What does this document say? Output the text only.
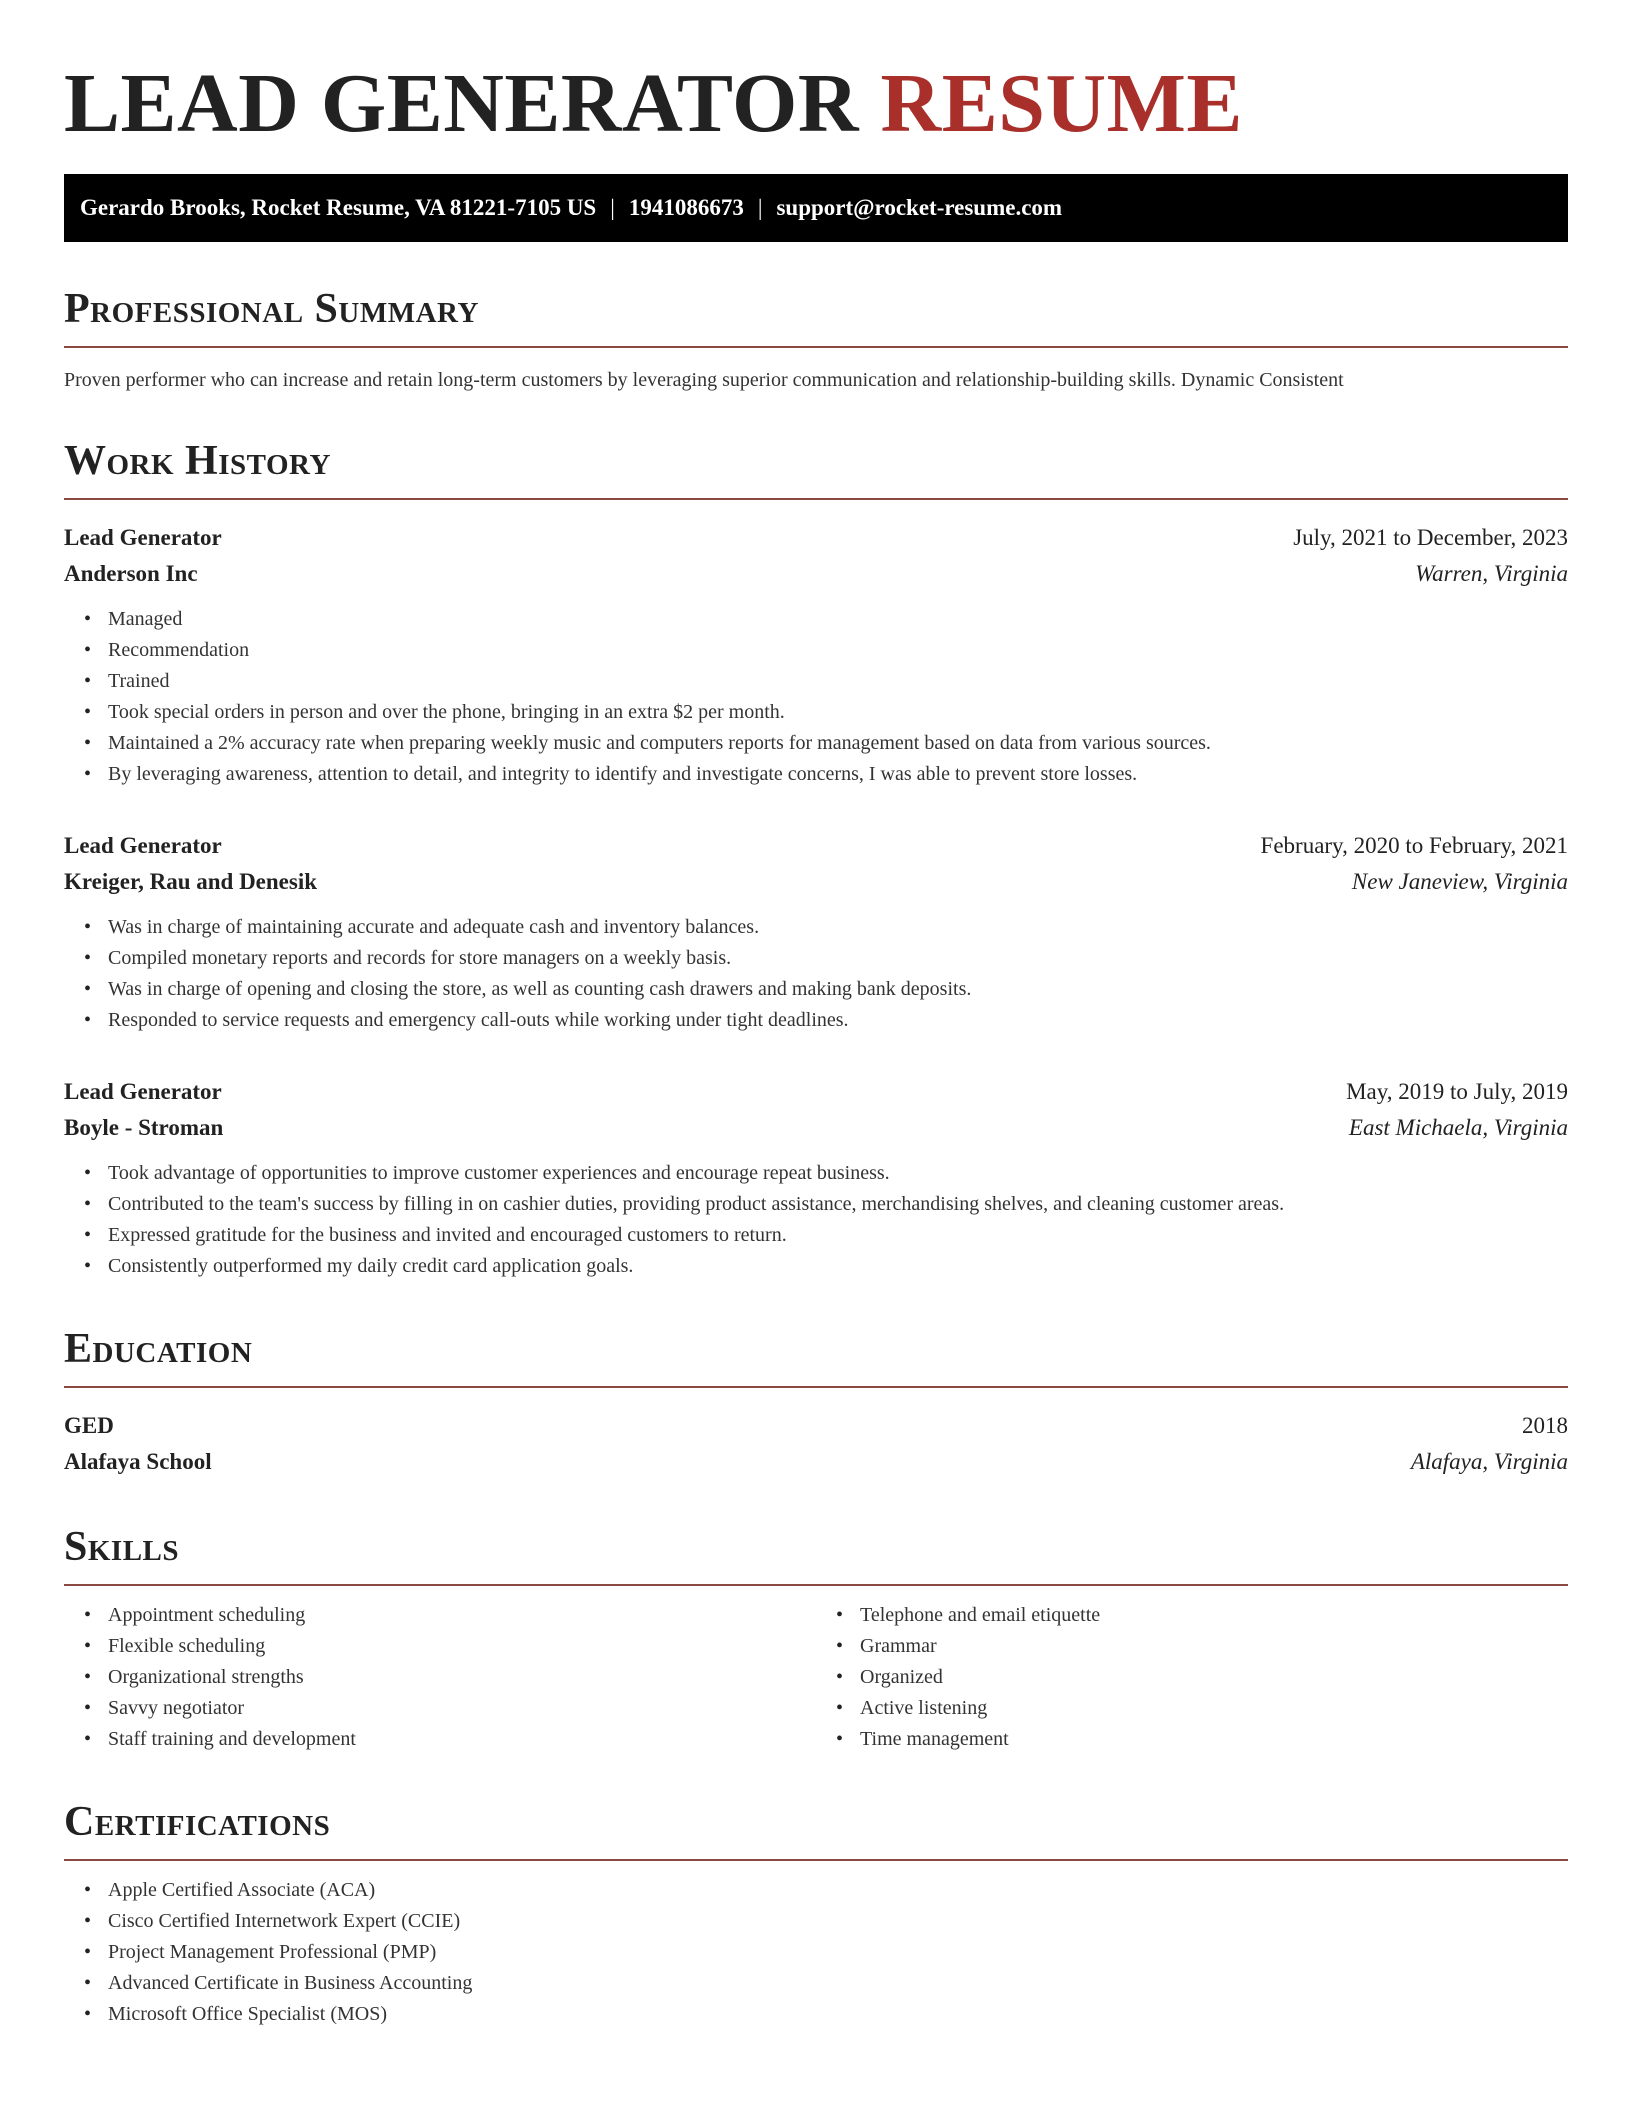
LEAD GENERATOR RESUME
Gerardo Brooks, Rocket Resume, VA 81221-7105 US | 1941086673 | support@rocket-resume.com
Professional Summary
Proven performer who can increase and retain long-term customers by leveraging superior communication and relationship-building skills. Dynamic Consistent
Work History
Lead Generator	July, 2021 to December, 2023
Anderson Inc	Warren, Virginia
• Managed
• Recommendation
• Trained
• Took special orders in person and over the phone, bringing in an extra $2 per month.
• Maintained a 2% accuracy rate when preparing weekly music and computers reports for management based on data from various sources.
• By leveraging awareness, attention to detail, and integrity to identify and investigate concerns, I was able to prevent store losses.
Lead Generator	February, 2020 to February, 2021
Kreiger, Rau and Denesik	New Janeview, Virginia
• Was in charge of maintaining accurate and adequate cash and inventory balances.
• Compiled monetary reports and records for store managers on a weekly basis.
• Was in charge of opening and closing the store, as well as counting cash drawers and making bank deposits.
• Responded to service requests and emergency call-outs while working under tight deadlines.
Lead Generator	May, 2019 to July, 2019
Boyle - Stroman	East Michaela, Virginia
• Took advantage of opportunities to improve customer experiences and encourage repeat business.
• Contributed to the team's success by filling in on cashier duties, providing product assistance, merchandising shelves, and cleaning customer areas.
• Expressed gratitude for the business and invited and encouraged customers to return.
• Consistently outperformed my daily credit card application goals.
Education
GED	2018
Alafaya School	Alafaya, Virginia
Skills
• Appointment scheduling
• Flexible scheduling
• Organizational strengths
• Savvy negotiator
• Staff training and development
• Telephone and email etiquette
• Grammar
• Organized
• Active listening
• Time management
Certifications
• Apple Certified Associate (ACA)
• Cisco Certified Internetwork Expert (CCIE)
• Project Management Professional (PMP)
• Advanced Certificate in Business Accounting
• Microsoft Office Specialist (MOS)
